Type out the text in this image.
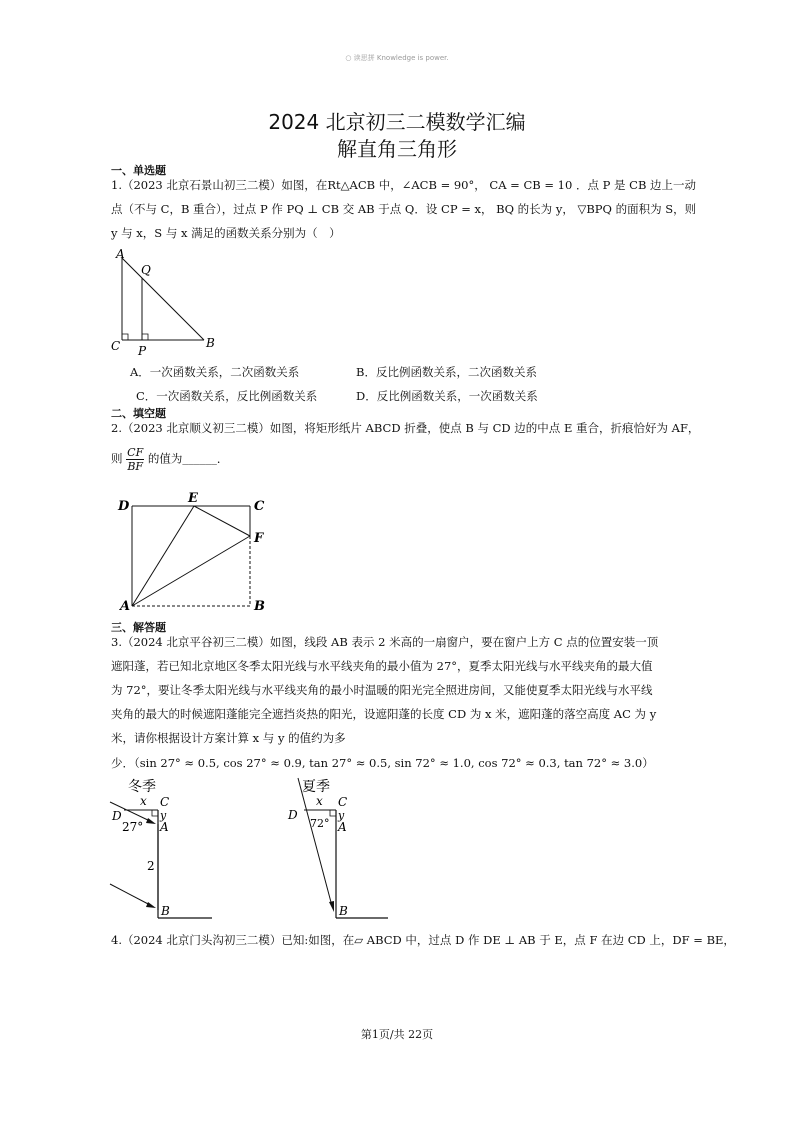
○ 读思拼 Knowledge is power.
2024 北京初三二模数学汇编
解直角三角形
一、单选题
1.（2023 北京石景山初三二模）如图，在Rt△ACB 中，∠ACB = 90°， CA = CB = 10 ．点 P 是 CB 边上一动
点（不与 C，B 重合），过点 P 作 PQ ⊥ CB 交 AB 于点 Q．设 CP = x， BQ 的长为 y， ▽BPQ 的面积为 S，则
y 与 x，S 与 x 满足的函数关系分别为（　）
A
Q
B
C P
A．一次函数关系，二次函数关系	B．反比例函数关系，二次函数关系
C．一次函数关系，反比例函数关系	D．反比例函数关系，一次函数关系
二、填空题
2.（2023 北京顺义初三二模）如图，将矩形纸片 ABCD 折叠，使点 B 与 CD 边的中点 E 重合，折痕恰好为 AF，
则 $\frac{CF}{BF}$ 的值为______．
D
E
C
F
A	B
三、解答题
3.（2024 北京平谷初三二模）如图，线段 AB 表示 2 米高的一扇窗户，要在窗户上方 C 点的位置安装一顶
遮阳蓬，若已知北京地区冬季太阳光线与水平线夹角的最小值为 27°，夏季太阳光线与水平线夹角的最大值
为 72°，要让冬季太阳光线与水平线夹角的最小时温暖的阳光完全照进房间，又能使夏季太阳光线与水平线
夹角的最大的时候遮阳蓬能完全遮挡炎热的阳光，设遮阳蓬的长度 CD 为 x 米，遮阳蓬的落空高度 AC 为 y
米，请你根据设计方案计算 x 与 y 的值约为多
少．（sin 27° ≈ 0.5, cos 27° ≈ 0.9, tan 27° ≈ 0.5, sin 72° ≈ 1.0, cos 72° ≈ 0.3, tan 72° ≈ 3.0）
冬季
x C
D	y
27° A
2
B
夏季
x C
D	y
72° A
B
4.（2024 北京门头沟初三二模）已知:如图，在▱ ABCD 中，过点 D 作 DE ⊥ AB 于 E，点 F 在边 CD 上，DF = BE，
第1页/共 22页
